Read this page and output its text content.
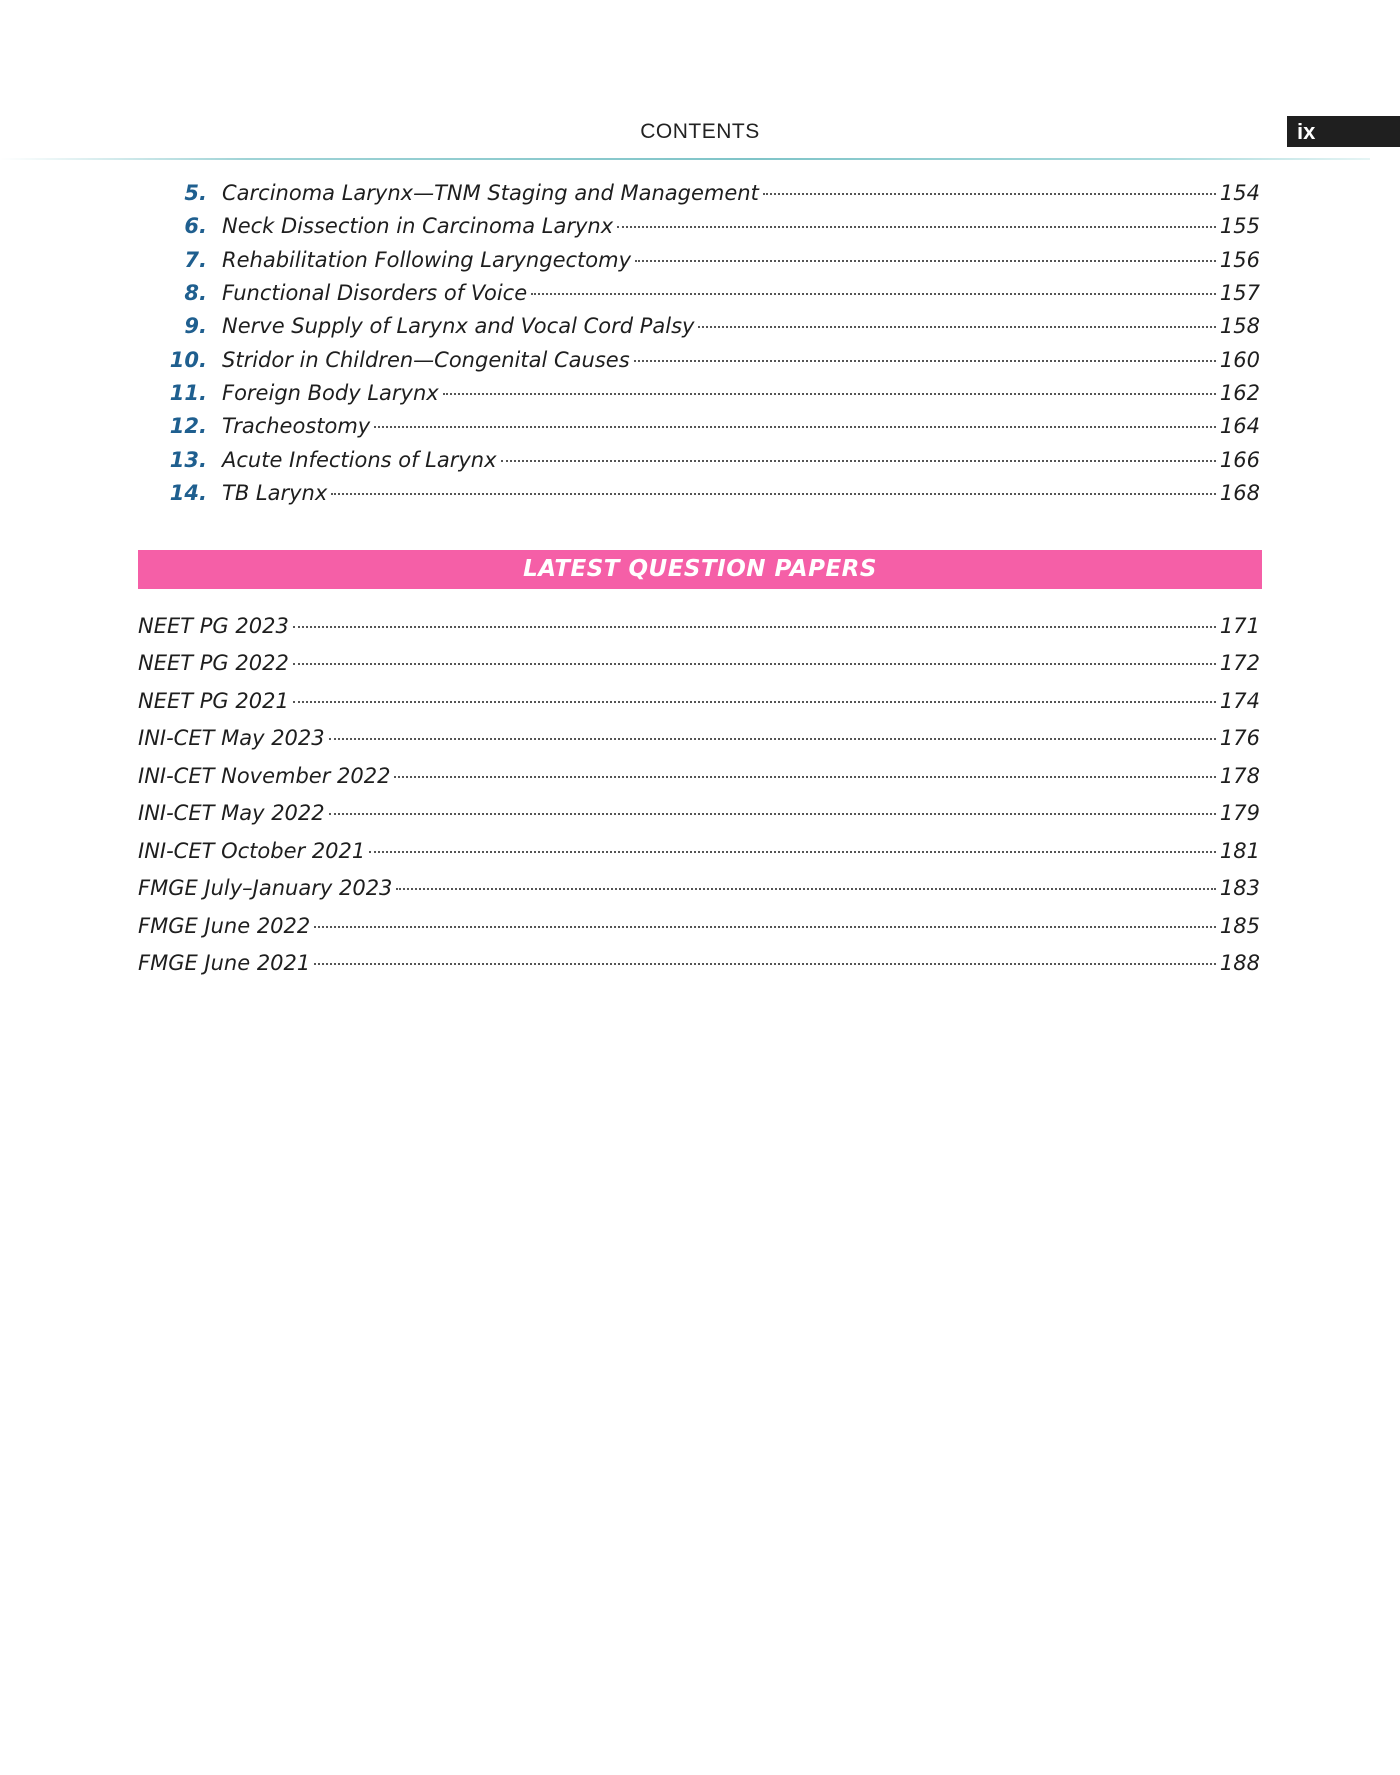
CONTENTS	ix
5. Carcinoma Larynx—TNM Staging and Management	154
6. Neck Dissection in Carcinoma Larynx	155
7. Rehabilitation Following Laryngectomy	156
8. Functional Disorders of Voice	157
9. Nerve Supply of Larynx and Vocal Cord Palsy	158
10. Stridor in Children—Congenital Causes	160
11. Foreign Body Larynx	162
12. Tracheostomy	164
13. Acute Infections of Larynx	166
14. TB Larynx	168
LATEST QUESTION PAPERS
NEET PG 2023	171
NEET PG 2022	172
NEET PG 2021	174
INI-CET May 2023	176
INI-CET November 2022	178
INI-CET May 2022	179
INI-CET October 2021	181
FMGE July–January 2023	183
FMGE June 2022	185
FMGE June 2021	188
